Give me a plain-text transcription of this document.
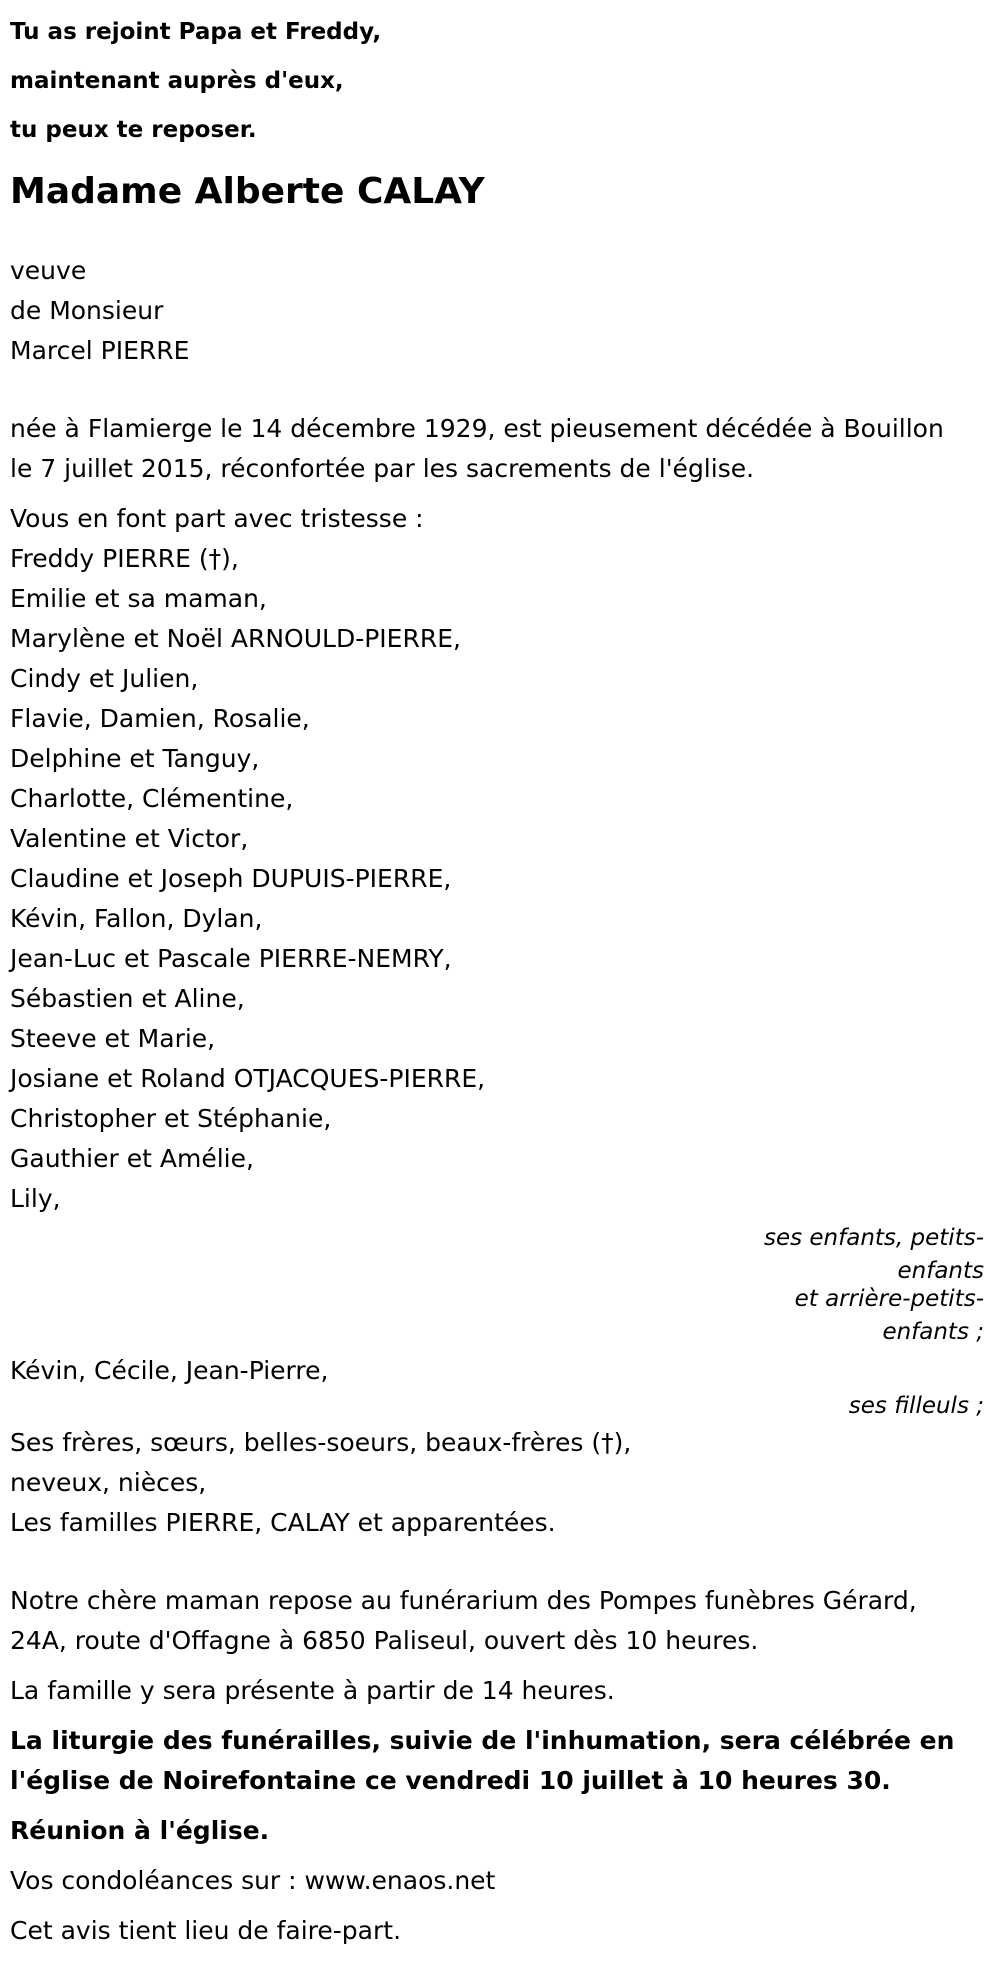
Tu as rejoint Papa et Freddy,
maintenant auprès d'eux,
tu peux te reposer.
Madame Alberte CALAY
veuve
de Monsieur
Marcel PIERRE
née à Flamierge le 14 décembre 1929, est pieusement décédée à Bouillon
le 7 juillet 2015, réconfortée par les sacrements de l'église.
Vous en font part avec tristesse :
Freddy PIERRE (†),
Emilie et sa maman,
Marylène et Noël ARNOULD-PIERRE,
Cindy et Julien,
Flavie, Damien, Rosalie,
Delphine et Tanguy,
Charlotte, Clémentine,
Valentine et Victor,
Claudine et Joseph DUPUIS-PIERRE,
Kévin, Fallon, Dylan,
Jean-Luc et Pascale PIERRE-NEMRY,
Sébastien et Aline,
Steeve et Marie,
Josiane et Roland OTJACQUES-PIERRE,
Christopher et Stéphanie,
Gauthier et Amélie,
Lily,
ses enfants, petits-
enfants
et arrière-petits-
enfants ;
Kévin, Cécile, Jean-Pierre,
ses filleuls ;
Ses frères, sœurs, belles-soeurs, beaux-frères (†),
neveux, nièces,
Les familles PIERRE, CALAY et apparentées.
Notre chère maman repose au funérarium des Pompes funèbres Gérard,
24A, route d'Offagne à 6850 Paliseul, ouvert dès 10 heures.
La famille y sera présente à partir de 14 heures.
La liturgie des funérailles, suivie de l'inhumation, sera célébrée en
l'église de Noirefontaine ce vendredi 10 juillet à 10 heures 30.
Réunion à l'église.
Vos condoléances sur : www.enaos.net
Cet avis tient lieu de faire-part.
